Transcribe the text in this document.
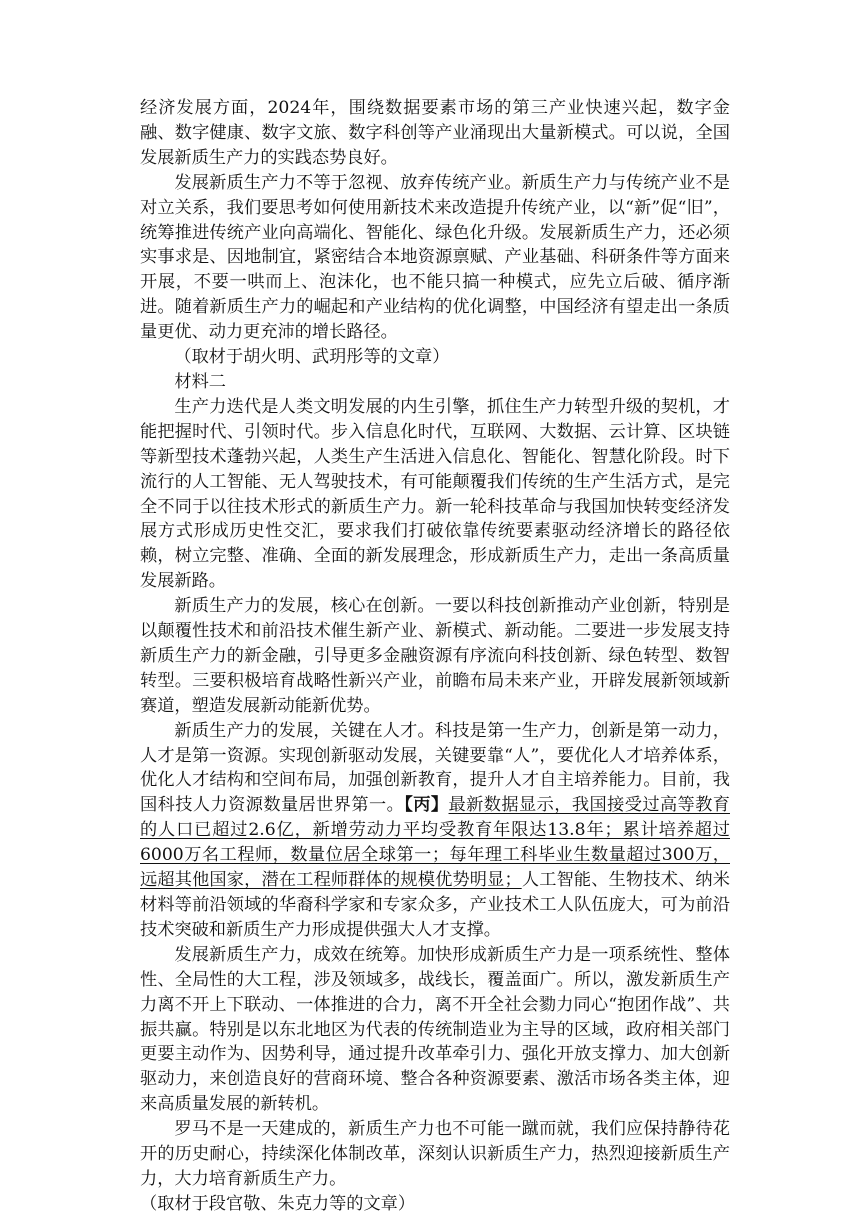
经济发展方面，2024年，围绕数据要素市场的第三产业快速兴起，数字金融、数字健康、数字文旅、数字科创等产业涌现出大量新模式。可以说，全国发展新质生产力的实践态势良好。

发展新质生产力不等于忽视、放弃传统产业。新质生产力与传统产业不是对立关系，我们要思考如何使用新技术来改造提升传统产业，以“新”促“旧”，统筹推进传统产业向高端化、智能化、绿色化升级。发展新质生产力，还必须实事求是、因地制宜，紧密结合本地资源禀赋、产业基础、科研条件等方面来开展，不要一哄而上、泡沫化，也不能只搞一种模式，应先立后破、循序渐进。随着新质生产力的崛起和产业结构的优化调整，中国经济有望走出一条质量更优、动力更充沛的增长路径。

（取材于胡火明、武玥彤等的文章）

材料二

生产力迭代是人类文明发展的内生引擎，抓住生产力转型升级的契机，才能把握时代、引领时代。步入信息化时代，互联网、大数据、云计算、区块链等新型技术蓬勃兴起，人类生产生活进入信息化、智能化、智慧化阶段。时下流行的人工智能、无人驾驶技术，有可能颠覆我们传统的生产生活方式，是完全不同于以往技术形式的新质生产力。新一轮科技革命与我国加快转变经济发展方式形成历史性交汇，要求我们打破依靠传统要素驱动经济增长的路径依赖，树立完整、准确、全面的新发展理念，形成新质生产力，走出一条高质量发展新路。

新质生产力的发展，核心在创新。一要以科技创新推动产业创新，特别是以颠覆性技术和前沿技术催生新产业、新模式、新动能。二要进一步发展支持新质生产力的新金融，引导更多金融资源有序流向科技创新、绿色转型、数智转型。三要积极培育战略性新兴产业，前瞻布局未来产业，开辟发展新领域新赛道，塑造发展新动能新优势。

新质生产力的发展，关键在人才。科技是第一生产力，创新是第一动力，人才是第一资源。实现创新驱动发展，关键要靠“人”，要优化人才培养体系，优化人才结构和空间布局，加强创新教育，提升人才自主培养能力。目前，我国科技人力资源数量居世界第一。【丙】最新数据显示，我国接受过高等教育的人口已超过2.6亿，新增劳动力平均受教育年限达13.8年；累计培养超过6000万名工程师，数量位居全球第一；每年理工科毕业生数量超过300万，远超其他国家，潜在工程师群体的规模优势明显；人工智能、生物技术、纳米材料等前沿领域的华裔科学家和专家众多，产业技术工人队伍庞大，可为前沿技术突破和新质生产力形成提供强大人才支撑。

发展新质生产力，成效在统筹。加快形成新质生产力是一项系统性、整体性、全局性的大工程，涉及领域多，战线长，覆盖面广。所以，激发新质生产力离不开上下联动、一体推进的合力，离不开全社会勠力同心“抱团作战”、共振共赢。特别是以东北地区为代表的传统制造业为主导的区域，政府相关部门更要主动作为、因势利导，通过提升改革牵引力、强化开放支撑力、加大创新驱动力，来创造良好的营商环境、整合各种资源要素、激活市场各类主体，迎来高质量发展的新转机。

罗马不是一天建成的，新质生产力也不可能一蹴而就，我们应保持静待花开的历史耐心，持续深化体制改革，深刻认识新质生产力，热烈迎接新质生产力，大力培育新质生产力。

（取材于段官敬、朱克力等的文章）
